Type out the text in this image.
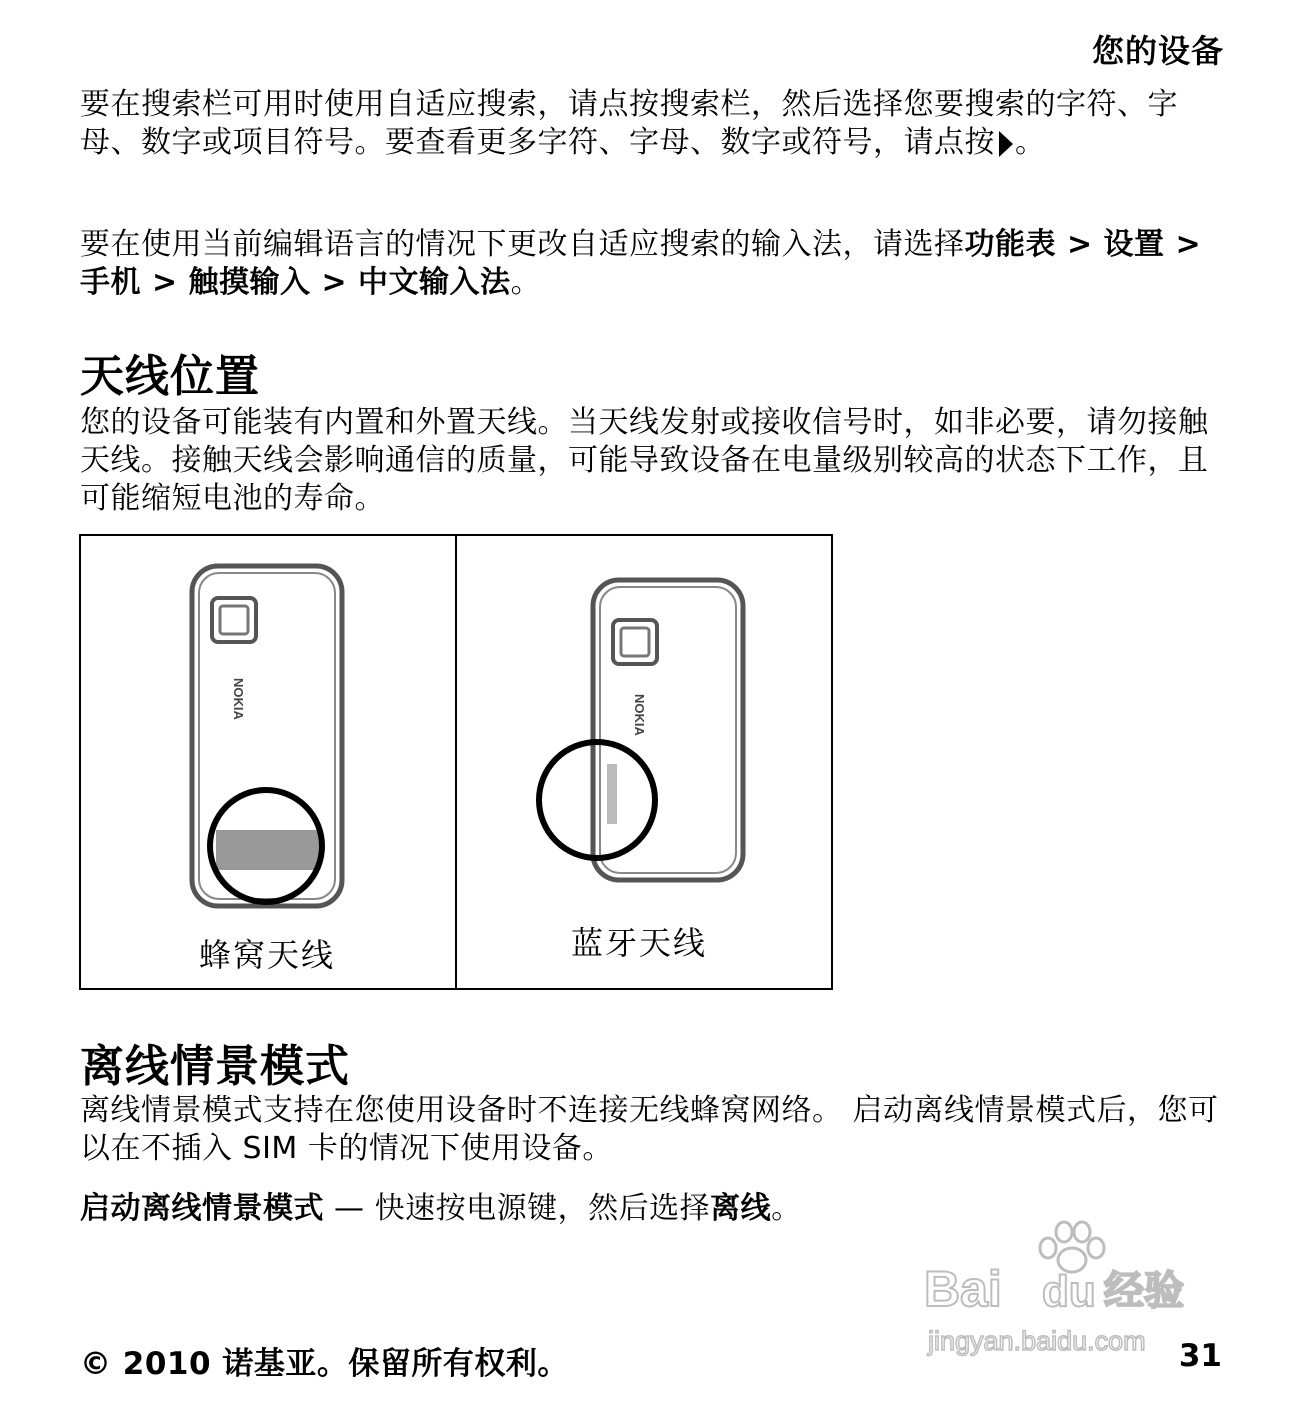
您的设备
要在搜索栏可用时使用自适应搜索，请点按搜索栏，然后选择您要搜索的字符、字母、数字或项目符号。要查看更多字符、字母、数字或符号，请点按 。
要在使用当前编辑语言的情况下更改自适应搜索的输入法，请选择功能表 > 设置 > 手机 > 触摸输入 > 中文输入法。
天线位置
您的设备可能装有内置和外置天线。当天线发射或接收信号时，如非必要，请勿接触天线。接触天线会影响通信的质量，可能导致设备在电量级别较高的状态下工作，且可能缩短电池的寿命。
NOKIA
蜂窝天线
NOKIA
蓝牙天线
离线情景模式
离线情景模式支持在您使用设备时不连接无线蜂窝网络。 启动离线情景模式后，您可以在不插入 SIM 卡的情况下使用设备。
启动离线情景模式 — 快速按电源键，然后选择离线。
Bai du 经验
jingyan.baidu.com
© 2010 诺基亚。保留所有权利。	31
